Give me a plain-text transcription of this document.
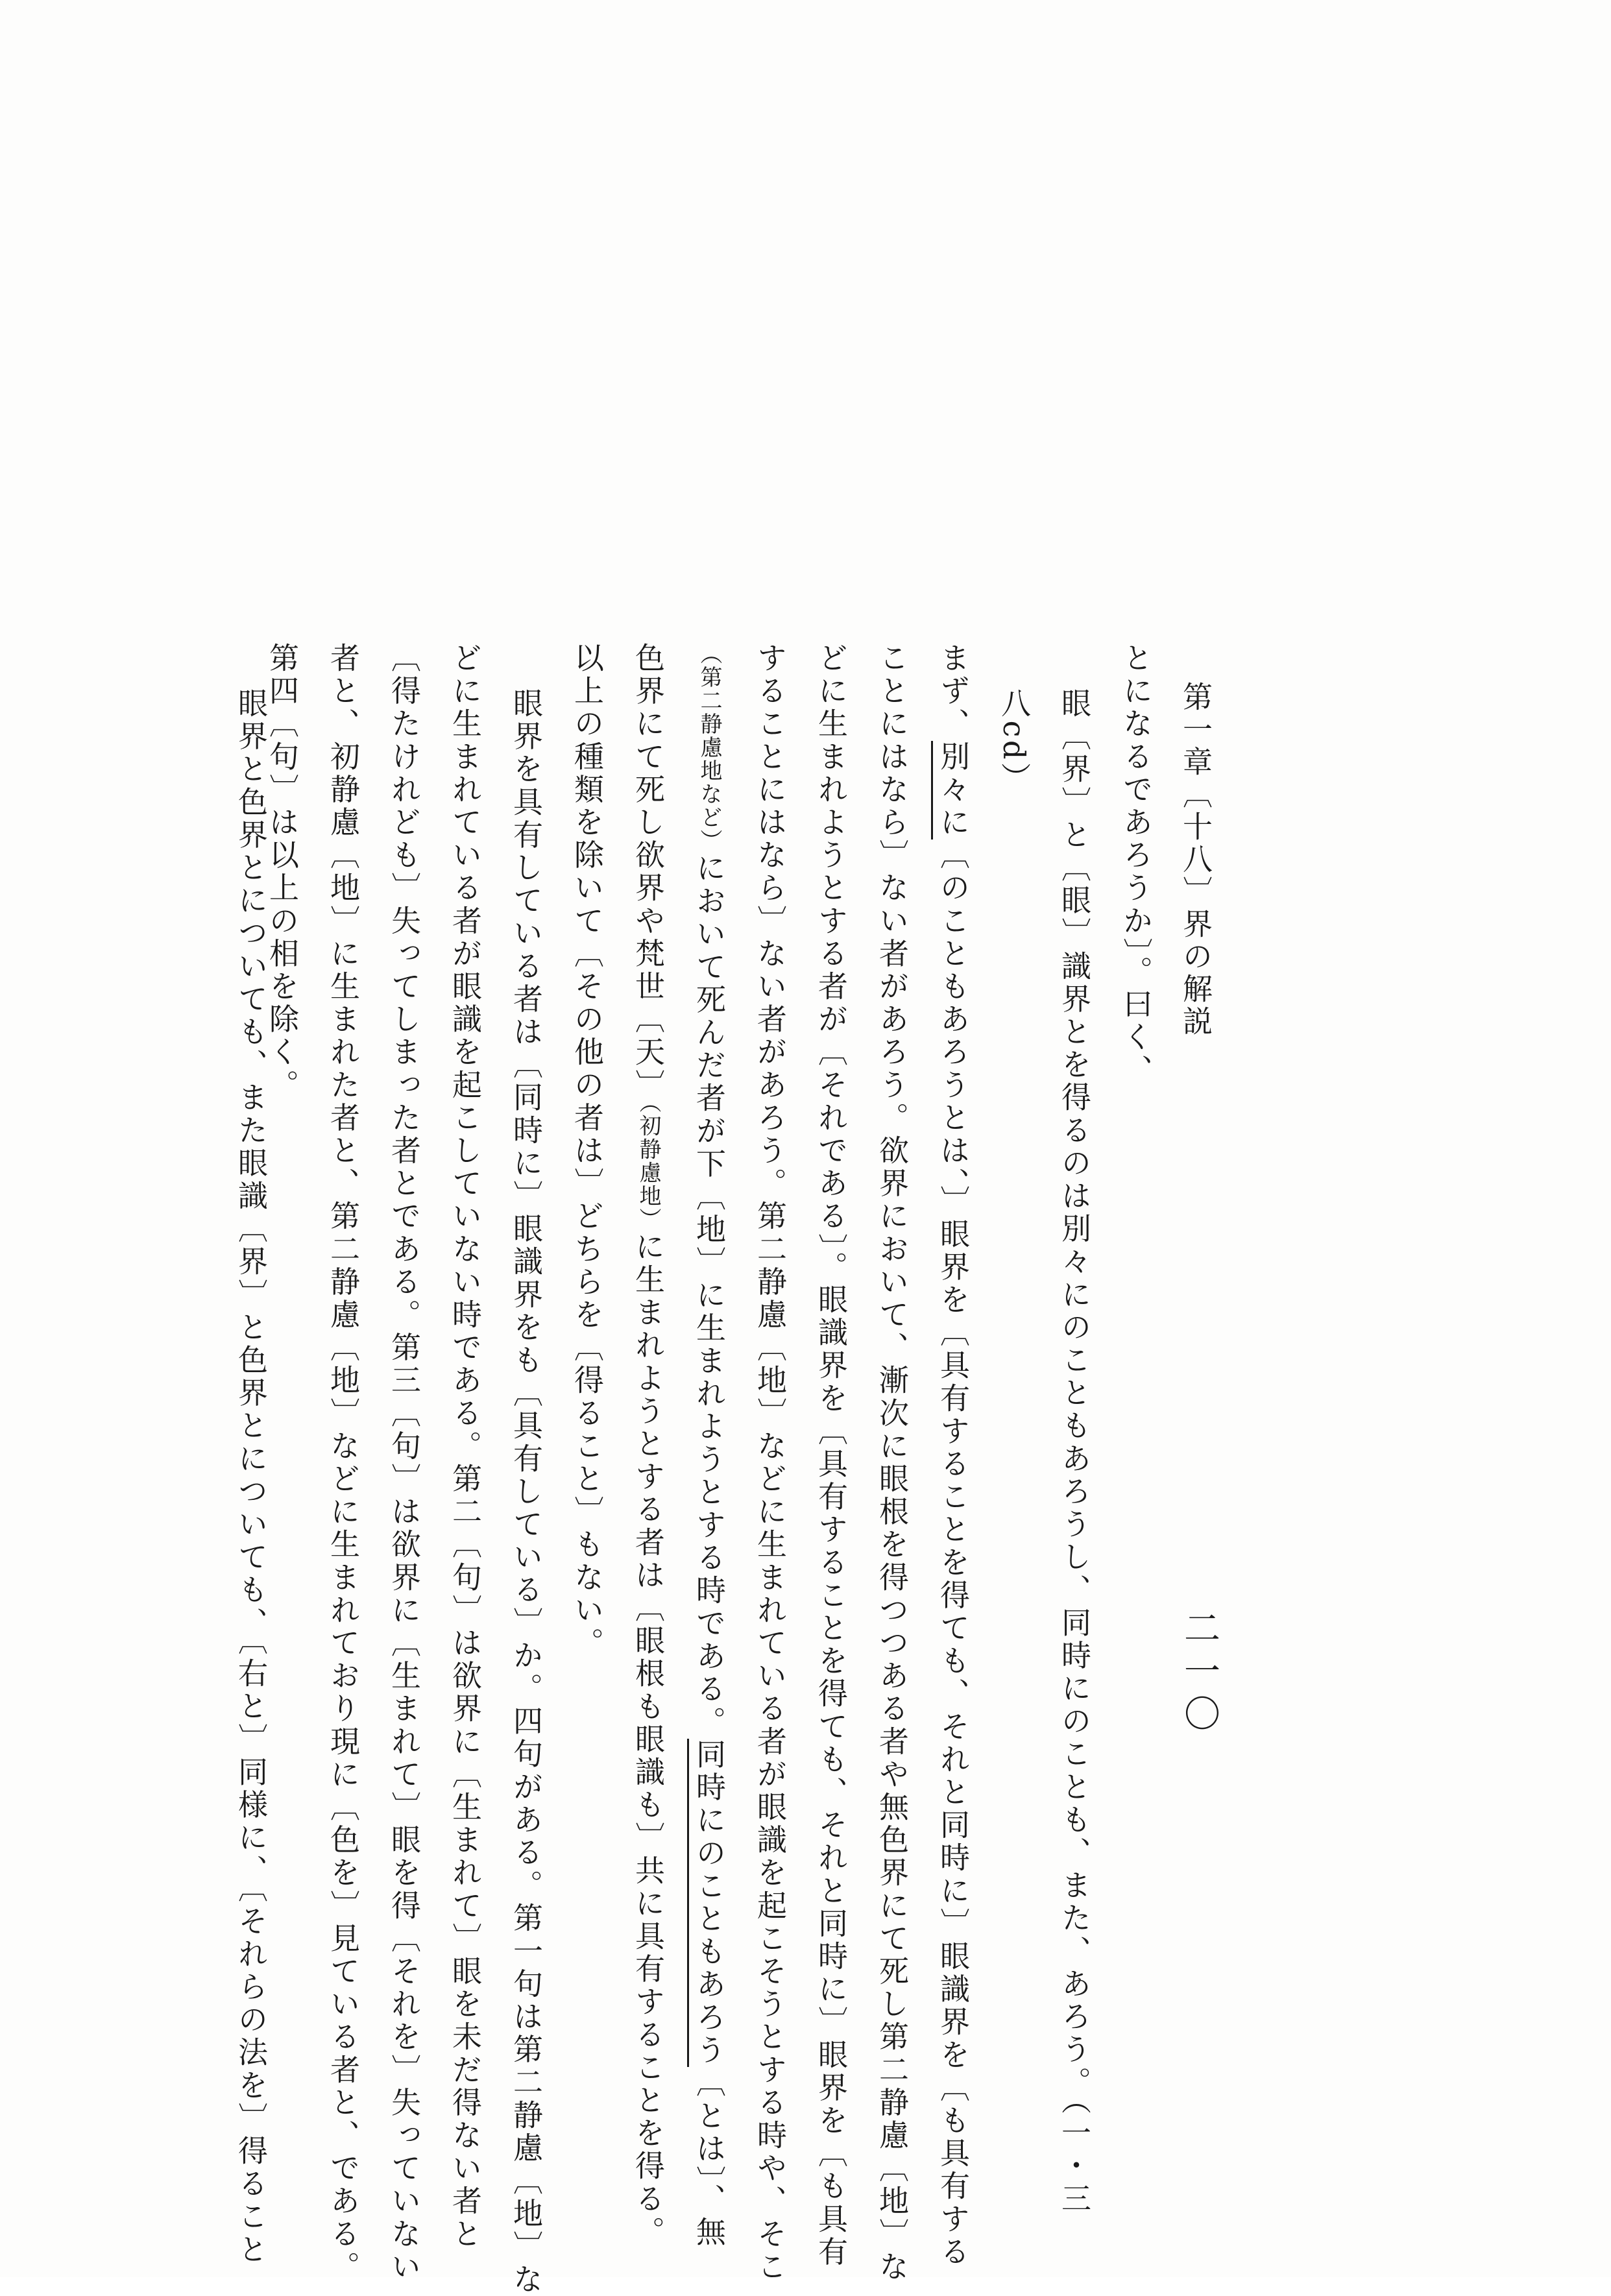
第一章〔十八〕界の解説
二一〇
とになるであろうか〕。曰く、
眼〔界〕と〔眼〕識界とを得るのは別々にのこともあろうし、同時にのことも、また、あろう。（一・三
八cd）
まず、別々に〔のこともあろうとは、〕眼界を〔具有することを得ても、それと同時に〕眼識界を〔も具有する
ことにはなら〕ない者があろう。欲界において、漸次に眼根を得つつある者や無色界にて死し第二静慮〔地〕な
どに生まれようとする者が〔それである〕。眼識界を〔具有することを得ても、それと同時に〕眼界を〔も具有
することにはなら〕ない者があろう。第二静慮〔地〕などに生まれている者が眼識を起こそうとする時や、そこ
（第二静慮地など）において死んだ者が下〔地〕に生まれようとする時である。同時にのこともあろう〔とは〕、無
色界にて死し欲界や梵世〔天〕（初静慮地）に生まれようとする者は〔眼根も眼識も〕共に具有することを得る。
以上の種類を除いて〔その他の者は〕どちらを〔得ること〕もない。
眼界を具有している者は〔同時に〕眼識界をも〔具有している〕か。四句がある。第一句は第二静慮〔地〕な
どに生まれている者が眼識を起こしていない時である。第二〔句〕は欲界に〔生まれて〕眼を未だ得ない者と
〔得たけれども〕失ってしまった者とである。第三〔句〕は欲界に〔生まれて〕眼を得〔それを〕失っていない
者と、初静慮〔地〕に生まれた者と、第二静慮〔地〕などに生まれており現に〔色を〕見ている者と、である。
第四〔句〕は以上の相を除く。
眼界と色界とについても、また眼識〔界〕と色界とについても、〔右と〕同様に、〔それらの法を〕得ること
